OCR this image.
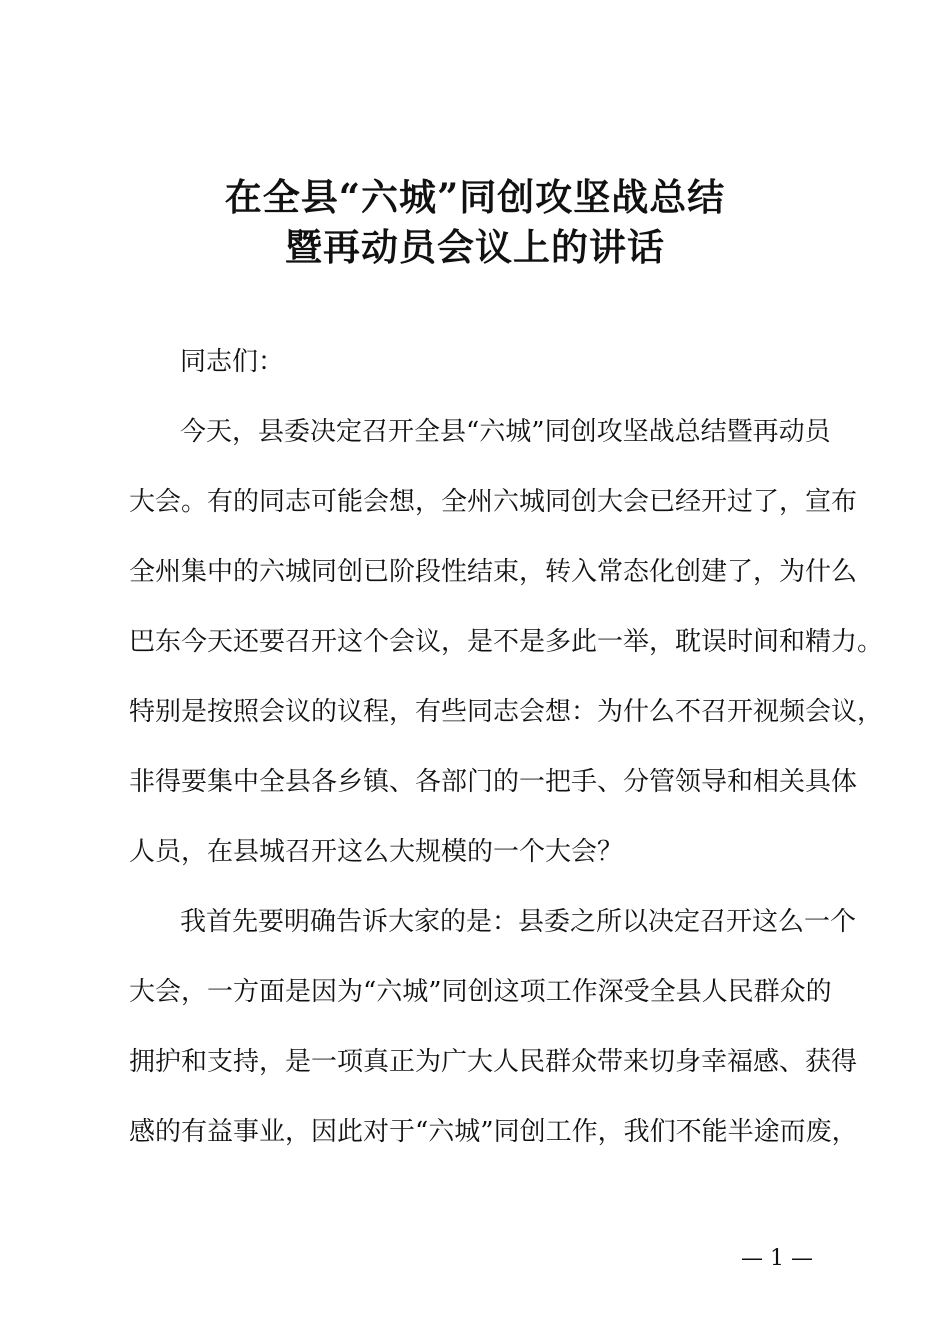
在全县“六城”同创攻坚战总结
暨再动员会议上的讲话
同志们：
今天，县委决定召开全县“六城”同创攻坚战总结暨再动员
大会。有的同志可能会想，全州六城同创大会已经开过了，宣布
全州集中的六城同创已阶段性结束，转入常态化创建了，为什么
巴东今天还要召开这个会议，是不是多此一举，耽误时间和精力。
特别是按照会议的议程，有些同志会想：为什么不召开视频会议，
非得要集中全县各乡镇、各部门的一把手、分管领导和相关具体
人员，在县城召开这么大规模的一个大会？
我首先要明确告诉大家的是：县委之所以决定召开这么一个
大会，一方面是因为“六城”同创这项工作深受全县人民群众的
拥护和支持，是一项真正为广大人民群众带来切身幸福感、获得
感的有益事业，因此对于“六城”同创工作，我们不能半途而废，
— 1 —
